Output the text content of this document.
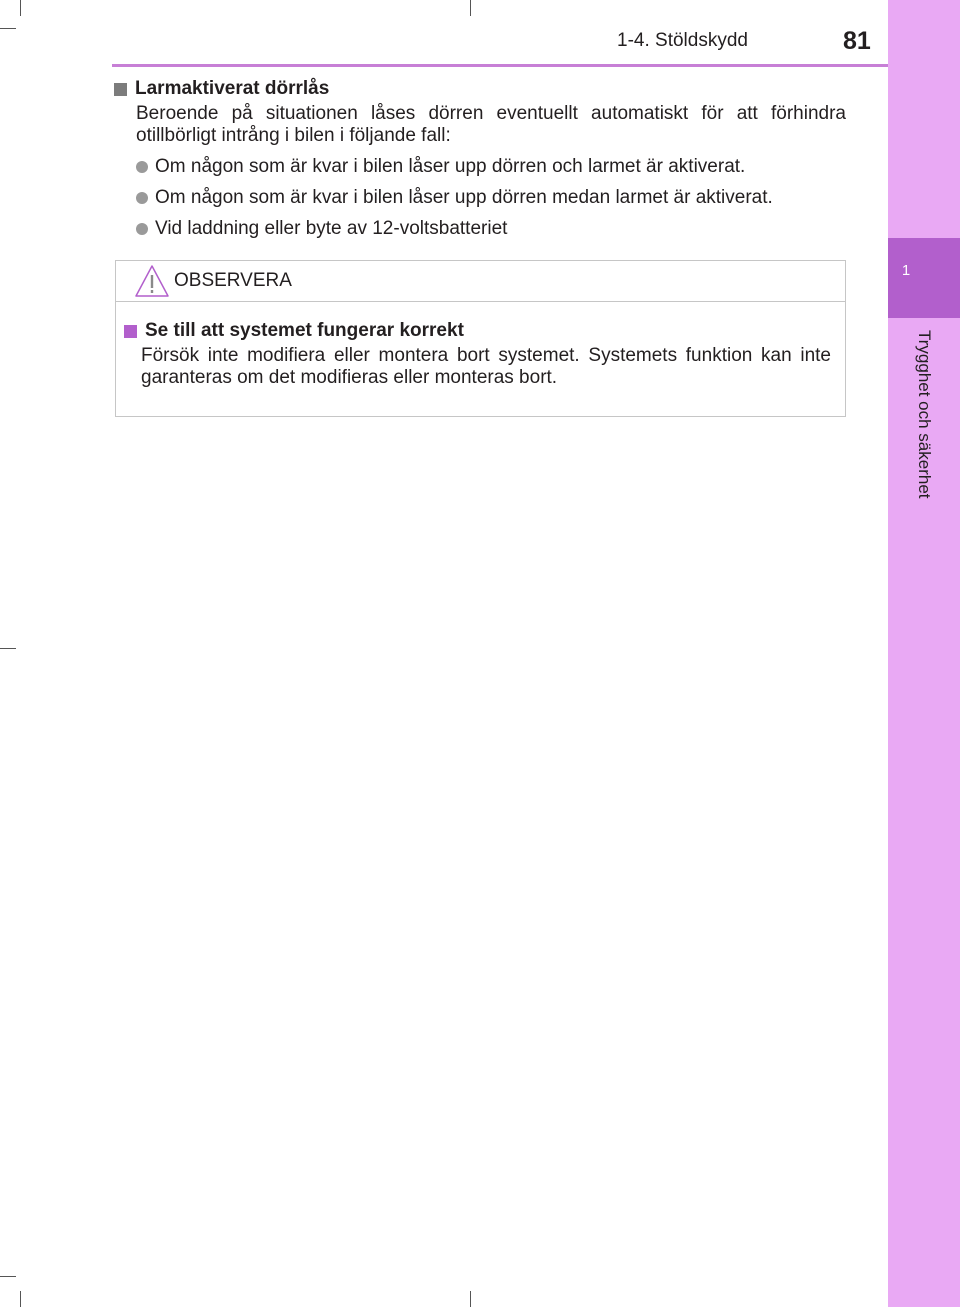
1-4. Stöldskydd	81
1
Trygghet och säkerhet
Larmaktiverat dörrlås
Beroende på situationen låses dörren eventuellt automatiskt för att förhindra otillbörligt intrång i bilen i följande fall:
Om någon som är kvar i bilen låser upp dörren och larmet är aktiverat.
Om någon som är kvar i bilen låser upp dörren medan larmet är aktiverat.
Vid laddning eller byte av 12-voltsbatteriet
OBSERVERA
Se till att systemet fungerar korrekt
Försök inte modifiera eller montera bort systemet. Systemets funktion kan inte garanteras om det modifieras eller monteras bort.
